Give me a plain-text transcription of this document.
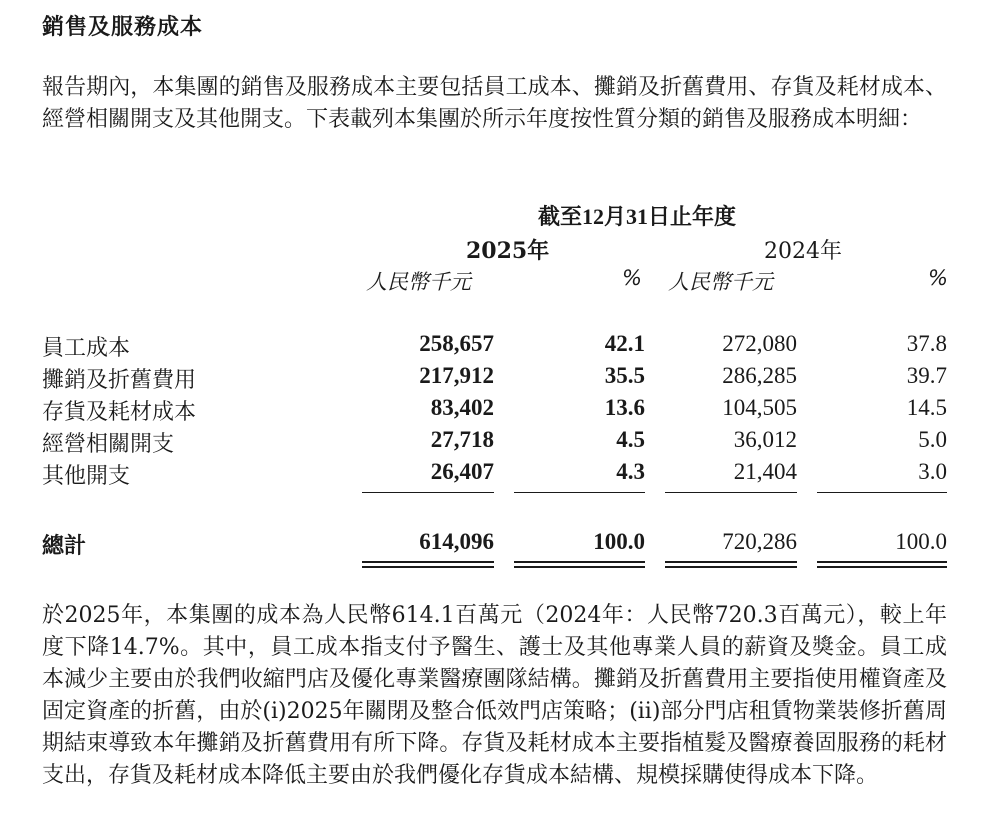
銷售及服務成本

報告期內，本集團的銷售及服務成本主要包括員工成本、攤銷及折舊費用、存貨及耗材成本、經營相關開支及其他開支。下表載列本集團於所示年度按性質分類的銷售及服務成本明細：

截至12月31日止年度
2025年	2024年
人民幣千元	% 人民幣千元	%
員工成本	258,657	42.1	272,080	37.8
攤銷及折舊費用	217,912	35.5	286,285	39.7
存貨及耗材成本	83,402	13.6	104,505	14.5
經營相關開支	27,718	4.5	36,012	5.0
其他開支	26,407	4.3	21,404	3.0
總計	614,096	100.0	720,286	100.0

於2025年，本集團的成本為人民幣614.1百萬元（2024年：人民幣720.3百萬元），較上年度下降14.7%。其中，員工成本指支付予醫生、護士及其他專業人員的薪資及獎金。員工成本減少主要由於我們收縮門店及優化專業醫療團隊結構。攤銷及折舊費用主要指使用權資產及固定資產的折舊，由於(i)2025年關閉及整合低效門店策略；(ii)部分門店租賃物業裝修折舊周期結束導致本年攤銷及折舊費用有所下降。存貨及耗材成本主要指植髮及醫療養固服務的耗材支出，存貨及耗材成本降低主要由於我們優化存貨成本結構、規模採購使得成本下降。
